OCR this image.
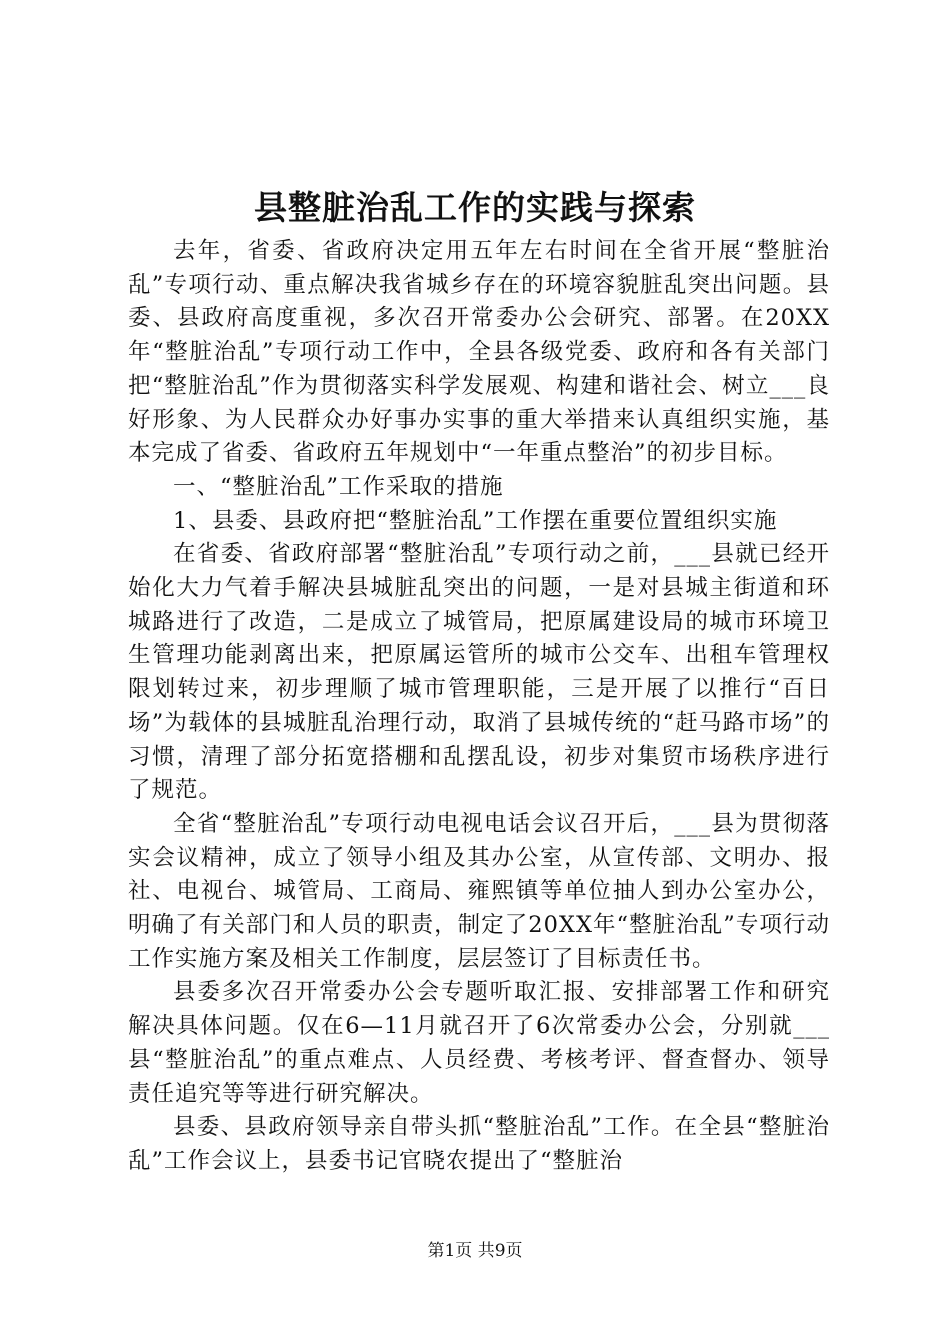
县整脏治乱工作的实践与探索

去年，省委、省政府决定用五年左右时间在全省开展“整脏治乱”专项行动、重点解决我省城乡存在的环境容貌脏乱突出问题。县委、县政府高度重视，多次召开常委办公会研究、部署。在20XX年“整脏治乱”专项行动工作中，全县各级党委、政府和各有关部门把“整脏治乱”作为贯彻落实科学发展观、构建和谐社会、树立___良好形象、为人民群众办好事办实事的重大举措来认真组织实施，基本完成了省委、省政府五年规划中“一年重点整治”的初步目标。

一、“整脏治乱”工作采取的措施

1、县委、县政府把“整脏治乱”工作摆在重要位置组织实施

在省委、省政府部署“整脏治乱”专项行动之前，___县就已经开始化大力气着手解决县城脏乱突出的问题，一是对县城主街道和环城路进行了改造，二是成立了城管局，把原属建设局的城市环境卫生管理功能剥离出来，把原属运管所的城市公交车、出租车管理权限划转过来，初步理顺了城市管理职能，三是开展了以推行“百日场”为载体的县城脏乱治理行动，取消了县城传统的“赶马路市场”的习惯，清理了部分拓宽搭棚和乱摆乱设，初步对集贸市场秩序进行了规范。

全省“整脏治乱”专项行动电视电话会议召开后，___县为贯彻落实会议精神，成立了领导小组及其办公室，从宣传部、文明办、报社、电视台、城管局、工商局、雍熙镇等单位抽人到办公室办公，明确了有关部门和人员的职责，制定了20XX年“整脏治乱”专项行动工作实施方案及相关工作制度，层层签订了目标责任书。

县委多次召开常委办公会专题听取汇报、安排部署工作和研究解决具体问题。仅在6—11月就召开了6次常委办公会，分别就___县“整脏治乱”的重点难点、人员经费、考核考评、督查督办、领导责任追究等等进行研究解决。

县委、县政府领导亲自带头抓“整脏治乱”工作。在全县“整脏治乱”工作会议上，县委书记官晓农提出了“整脏治

第1页 共9页
